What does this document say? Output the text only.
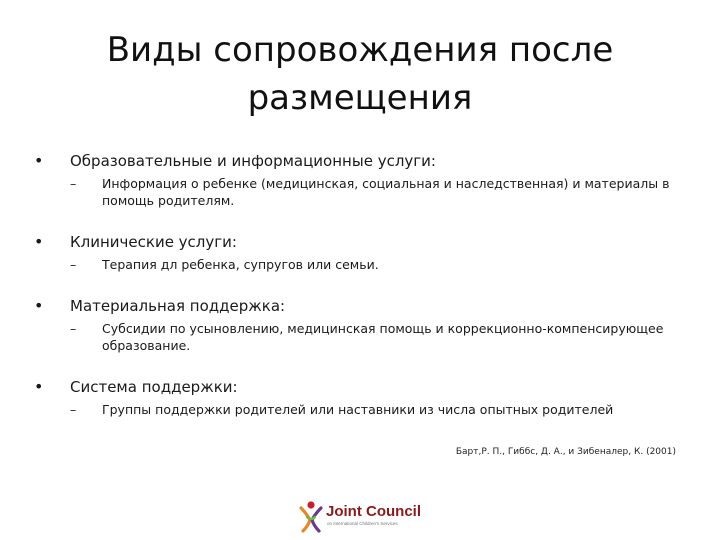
Виды сопровождения после размещения
•	Образовательные и информационные услуги:
–	Информация о ребенке (медицинская, социальная и наследственная) и материалы в помощь родителям.
•	Клинические услуги:
–	Терапия дл ребенка, супругов или семьи.
•	Материальная поддержка:
–	Субсидии по усыновлению, медицинская помощь и коррекционно-компенсирующее образование.
•	Система поддержки:
–	Группы поддержки родителей или наставники из числа опытных родителей
Барт,Р. П., Гиббс, Д. А., и Зибеналер, К. (2001)
Joint Council
on International Children's Services
